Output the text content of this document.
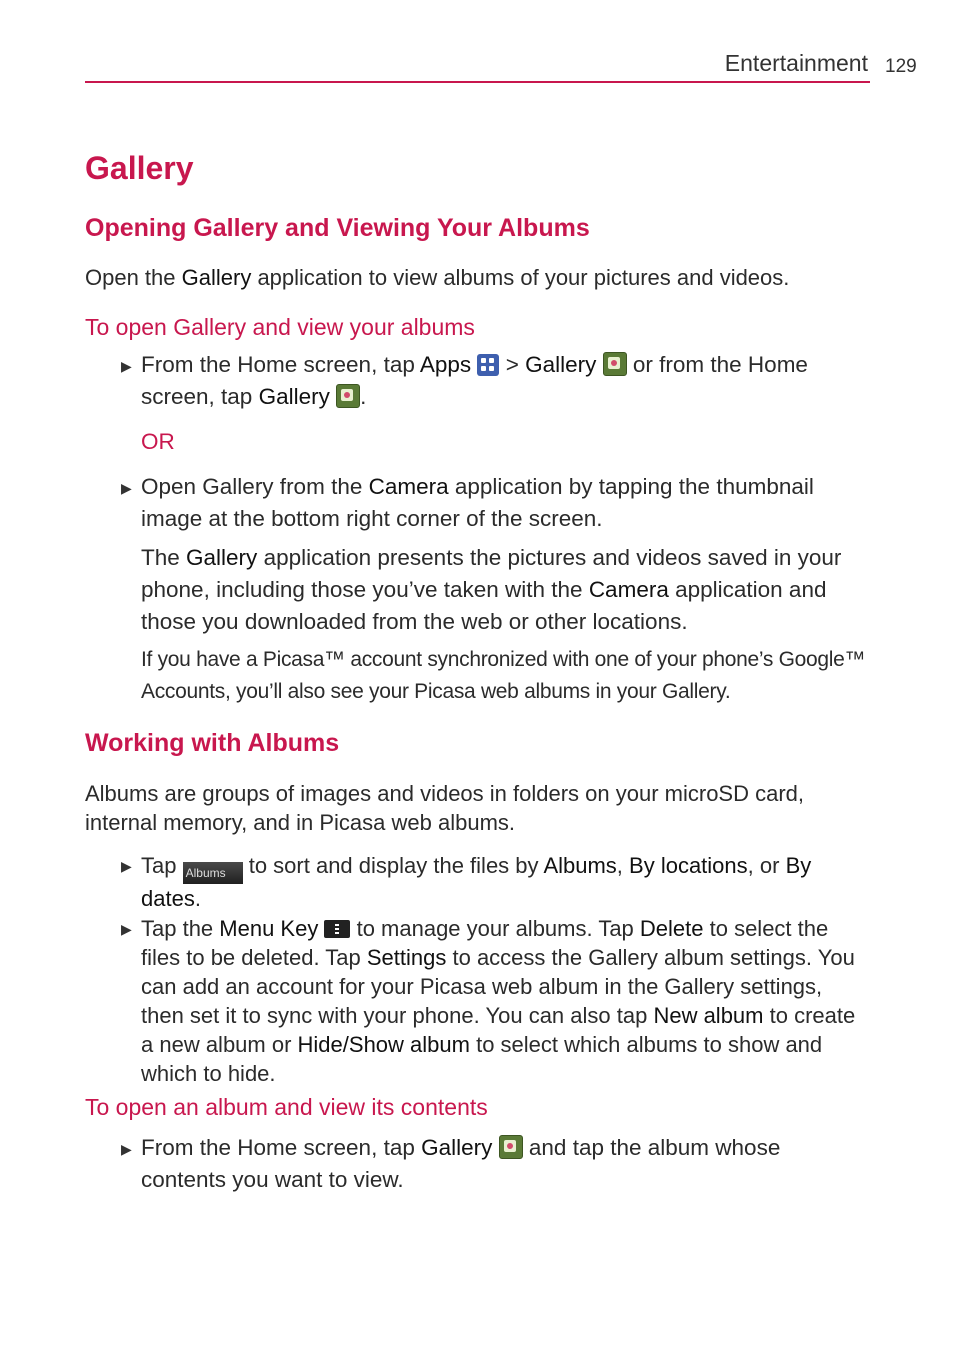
Entertainment 129
Gallery
Opening Gallery and Viewing Your Albums
Open the Gallery application to view albums of your pictures and videos.
To open Gallery and view your albums
▶ From the Home screen, tap Apps
> Gallery
or from the Home screen, tap Gallery .
OR
▶ Open Gallery from the Camera application by tapping the thumbnail image at the bottom right corner of the screen.
The Gallery application presents the pictures and videos saved in your phone, including those you’ve taken with the Camera application and those you downloaded from the web or other locations.
If you have a Picasa™ account synchronized with one of your phone’s Google™ Accounts, you’ll also see your Picasa web albums in your Gallery.
Working with Albums
Albums are groups of images and videos in folders on your microSD card, internal memory, and in Picasa web albums.
▶ Tap Albums to sort and display the files by Albums, By locations, or By dates.
▶ Tap the Menu Key
to manage your albums. Tap Delete to select the files to be deleted. Tap Settings to access the Gallery album settings. You can add an account for your Picasa web album in the Gallery settings, then set it to sync with your phone. You can also tap New album to create a new album or Hide/Show album to select which albums to show and which to hide.
To open an album and view its contents
▶ From the Home screen, tap Gallery
and tap the album whose contents you want to view.
